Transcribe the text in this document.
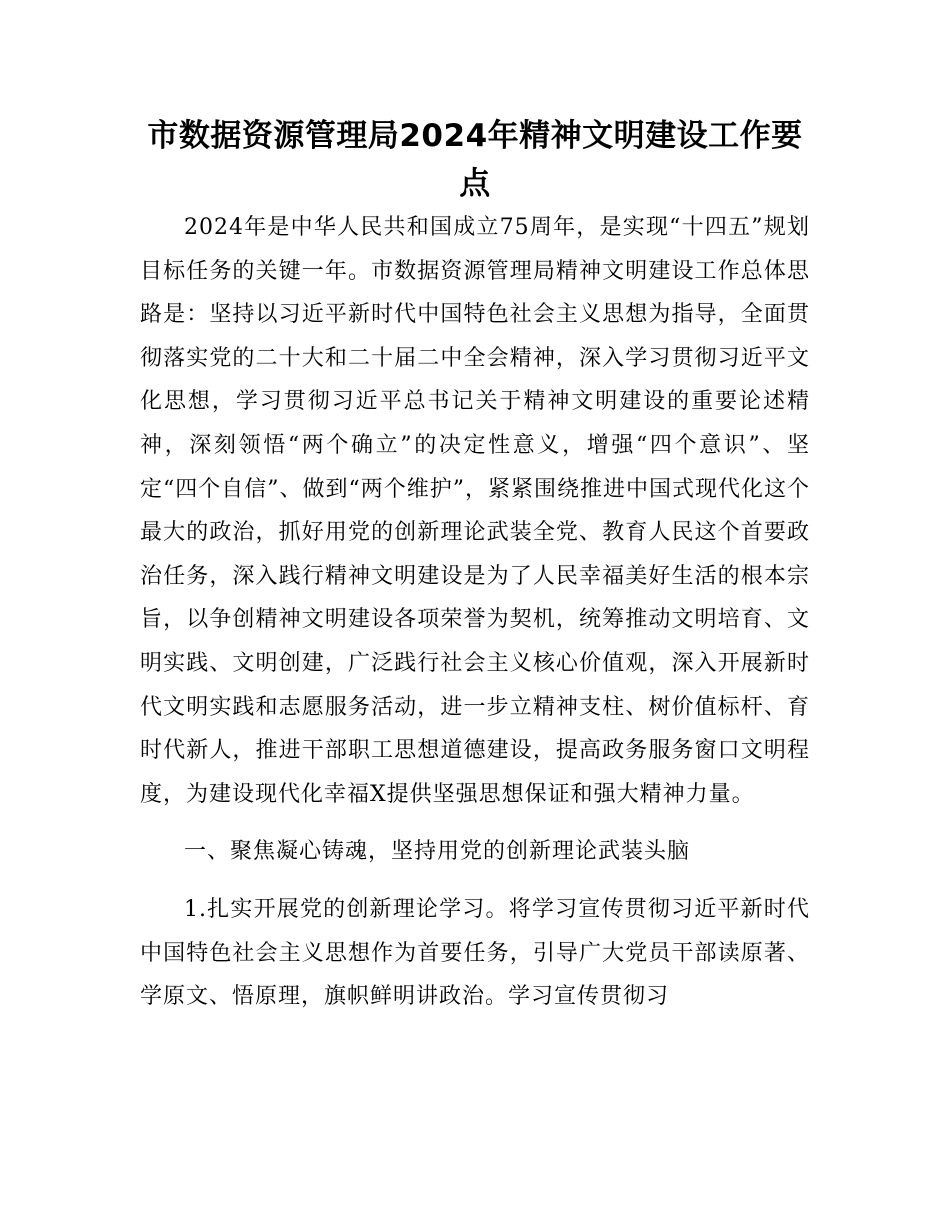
市数据资源管理局2024年精神文明建设工作要点

2024年是中华人民共和国成立75周年，是实现“十四五”规划目标任务的关键一年。市数据资源管理局精神文明建设工作总体思路是：坚持以习近平新时代中国特色社会主义思想为指导，全面贯彻落实党的二十大和二十届二中全会精神，深入学习贯彻习近平文化思想，学习贯彻习近平总书记关于精神文明建设的重要论述精神，深刻领悟“两个确立”的决定性意义，增强“四个意识”、坚定“四个自信”、做到“两个维护”，紧紧围绕推进中国式现代化这个最大的政治，抓好用党的创新理论武装全党、教育人民这个首要政治任务，深入践行精神文明建设是为了人民幸福美好生活的根本宗旨，以争创精神文明建设各项荣誉为契机，统筹推动文明培育、文明实践、文明创建，广泛践行社会主义核心价值观，深入开展新时代文明实践和志愿服务活动，进一步立精神支柱、树价值标杆、育时代新人，推进干部职工思想道德建设，提高政务服务窗口文明程度，为建设现代化幸福X提供坚强思想保证和强大精神力量。

一、聚焦凝心铸魂，坚持用党的创新理论武装头脑

1.扎实开展党的创新理论学习。将学习宣传贯彻习近平新时代中国特色社会主义思想作为首要任务，引导广大党员干部读原著、学原文、悟原理，旗帜鲜明讲政治。学习宣传贯彻习
